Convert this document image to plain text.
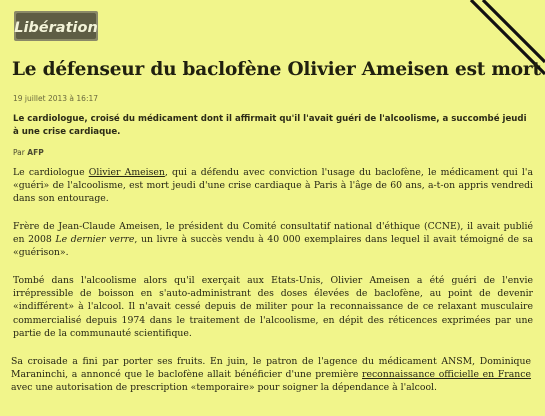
Libération
Le défenseur du baclofène Olivier Ameisen est mort
19 juillet 2013 à 16:17
Le cardiologue, croisé du médicament dont il affirmait qu'il l'avait guéri de l'alcoolisme, a succombé jeudi à une crise cardiaque.
Par AFP
Le cardiologue Olivier Ameisen, qui a défendu avec conviction l'usage du baclofène, le médicament qui l'a «guéri» de l'alcoolisme, est mort jeudi d'une crise cardiaque à Paris à l'âge de 60 ans, a-t-on appris vendredi dans son entourage.
Frère de Jean-Claude Ameisen, le président du Comité consultatif national d'éthique (CCNE), il avait publié en 2008 Le dernier verre, un livre à succès vendu à 40 000 exemplaires dans lequel il avait témoigné de sa «guérison».
Tombé dans l'alcoolisme alors qu'il exerçait aux Etats-Unis, Olivier Ameisen a été guéri de l'envie irrépressible de boisson en s'auto-administrant des doses élevées de baclofène, au point de devenir «indifférent» à l'alcool. Il n'avait cessé depuis de militer pour la reconnaissance de ce relaxant musculaire commercialisé depuis 1974 dans le traitement de l'alcoolisme, en dépit des réticences exprimées par une partie de la communauté scientifique.
Sa croisade a fini par porter ses fruits. En juin, le patron de l'agence du médicament ANSM, Dominique Maraninchi, a annoncé que le baclofène allait bénéficier d'une première reconnaissance officielle en France avec une autorisation de prescription «temporaire» pour soigner la dépendance à l'alcool.
